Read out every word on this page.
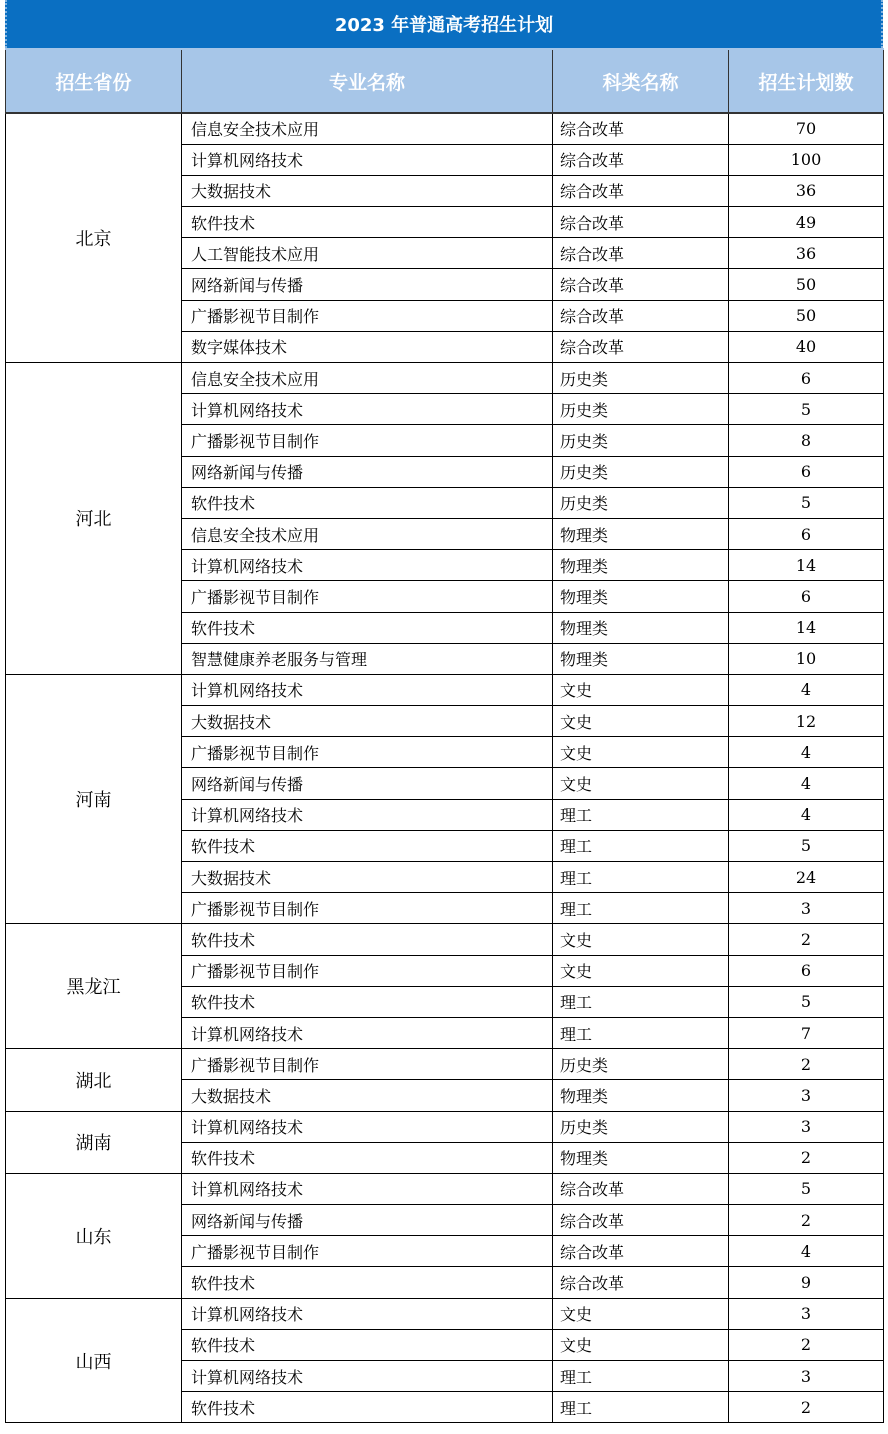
2023 年普通高考招生计划
招生省份	专业名称	科类名称	招生计划数
北京	信息安全技术应用	综合改革	70
	计算机网络技术	综合改革	100
	大数据技术	综合改革	36
	软件技术	综合改革	49
	人工智能技术应用	综合改革	36
	网络新闻与传播	综合改革	50
	广播影视节目制作	综合改革	50
	数字媒体技术	综合改革	40
河北	信息安全技术应用	历史类	6
	计算机网络技术	历史类	5
	广播影视节目制作	历史类	8
	网络新闻与传播	历史类	6
	软件技术	历史类	5
	信息安全技术应用	物理类	6
	计算机网络技术	物理类	14
	广播影视节目制作	物理类	6
	软件技术	物理类	14
	智慧健康养老服务与管理	物理类	10
河南	计算机网络技术	文史	4
	大数据技术	文史	12
	广播影视节目制作	文史	4
	网络新闻与传播	文史	4
	计算机网络技术	理工	4
	软件技术	理工	5
	大数据技术	理工	24
	广播影视节目制作	理工	3
黑龙江	软件技术	文史	2
	广播影视节目制作	文史	6
	软件技术	理工	5
	计算机网络技术	理工	7
湖北	广播影视节目制作	历史类	2
	大数据技术	物理类	3
湖南	计算机网络技术	历史类	3
	软件技术	物理类	2
山东	计算机网络技术	综合改革	5
	网络新闻与传播	综合改革	2
	广播影视节目制作	综合改革	4
	软件技术	综合改革	9
山西	计算机网络技术	文史	3
	软件技术	文史	2
	计算机网络技术	理工	3
	软件技术	理工	2
